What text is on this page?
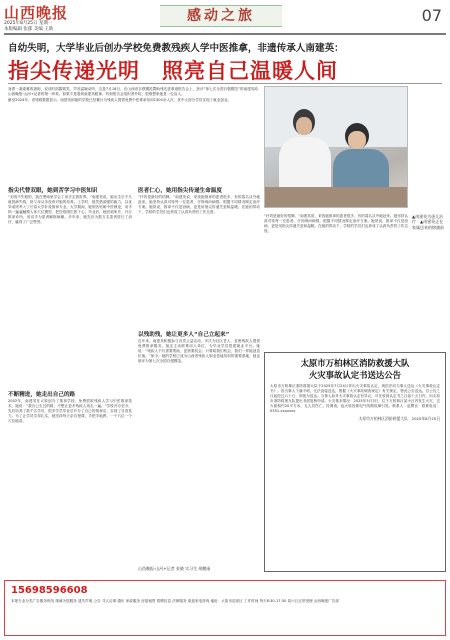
山西晚报
2025年8月25日 星期一
本版编辑 张郁 美编 王新
感动之旅	07
自幼失明，大学毕业后创办学校免费教残疾人学中医推拿，非遗传承人南建英：
指尖传递光明　照亮自己温暖人间

身着一袭素雅的旗袍，说话时面露微笑，声音温婉动听，这是7月18日，在山西省自强模范暨助残先进事迹报告会上，获评“第七次全国自强模范”的南建英给山西晚报·山河+记者的第一印象。如果不是看到南建英眼神，听到报告会组织者介绍，很难想象她是一位盲人。

截至2024年，省残联数据显示，南建英和她的学校已经累计为残疾人提供免费中医推拿培训1300余人次，其中大部分学员实现了就业创业。

▲南建英为患儿治疗　▲南建英正在家属送来的锦旗前
指尖代替双眼，她到苦学习中医知识
“无明不失聪的，我在黑暗里学会了用手去看世界。”南建英说，她出生后不久就因病失明，但父母从未放弃对她的培养。上学时，她凭借顽强的毅力，以优异成绩考入了长春大学针灸推拿专业。大学期间，她刻苦钻研中医理论，用手指一遍遍触摸人体穴位模型，把经络图烂熟于心。毕业后，她回到家乡，开办推拿诊所，用双手为患者解除病痛。多年来，她先后为数万名患者进行了治疗，赢得了广泛赞誉。
不断精进，她走出自己的路
2002年，南建英在太原创办了推拿学校，免费招收残疾人学习中医推拿技术。她说：“我自己走过的路，不想让更多残疾人再走一遍。”学校开办至今，先后培养了数千名学员，很多学员毕业后开办了自己的推拿店，实现了自食其力。为了让学员学得扎实，她坚持每天亲自授课，手把手地教，一个穴位一个穴位地讲。
医者仁心，她用指尖传递生命温度
“疗效是最好的招牌。”南建英说，来找她推拿的患者很多，有的慕名从外地赶来。她坚持认真对待每一位患者，仔细询问病情，根据不同情况制定治疗方案。她常说，推拿不仅是治病，更是用指尖传递关爱和温暖。在她的带动下，学校的学员们也养成了认真负责的工作态度。
以残助残，她让更多人“自己立起来”
近年来，南建英积极参与各类公益活动，多次为社区老人、贫困残疾人提供免费推拿服务。她还主动联系用人单位，为毕业学员搭建就业平台。她说：“残疾人不仅需要帮助，更需要机会。只要给我们机会，我们一样能创造价值。”如今，她的学校已成为山西省残疾人职业技能培训的重要基地，她也被评为第七次全国自强模范。
山西晚报·山河+记者 张晓 实习生 胡鹏丽

“疗效是最好的招牌。”南建英说，来找她推拿的患者很多，有的慕名从外地赶来。她坚持认真对待每一位患者，仔细询问病情，根据不同情况制定治疗方案。她常说，推拿不仅是治病，更是用指尖传递关爱和温暖。在她的带动下，学校的学员们也养成了认真负责的工作态度。

太原市万柏林区消防救援大队
火灾事故认定书送达公告
太原市万柏林区消防救援大队于2025年7月24日作出火灾事故认定，现依法向当事人送达《火灾事故认定书》。因当事人下落不明，无法直接送达，根据《火灾事故调查规定》有关规定，特此公告送达。自公告之日起经过六十日，即视为送达。当事人如对火灾事故认定有异议，可在收到认定书之日起十五日内，向太原市消防救援支队提出书面复核申请。火灾基本情况：2025年5月3日，位于万柏林区某小区内发生火灾，过火面积约20平方米，无人员伤亡。经调查，起火原因系电气线路故障引发。联系人：赵警官　联系电话：0351-xxxxxxx
太原市万柏林区消防救援大队　2025年8月25日
15698596608
本报专业分类广告服务热线 竭诚为您服务 遗失声明 公告 寻人启事 婚庆 家政服务 房屋租售 招聘信息 法律服务 欢迎来电咨询 地址：太原市迎泽区 工作时间 每天8:30-17:30 周六日正常受理 山西晚报广告部
